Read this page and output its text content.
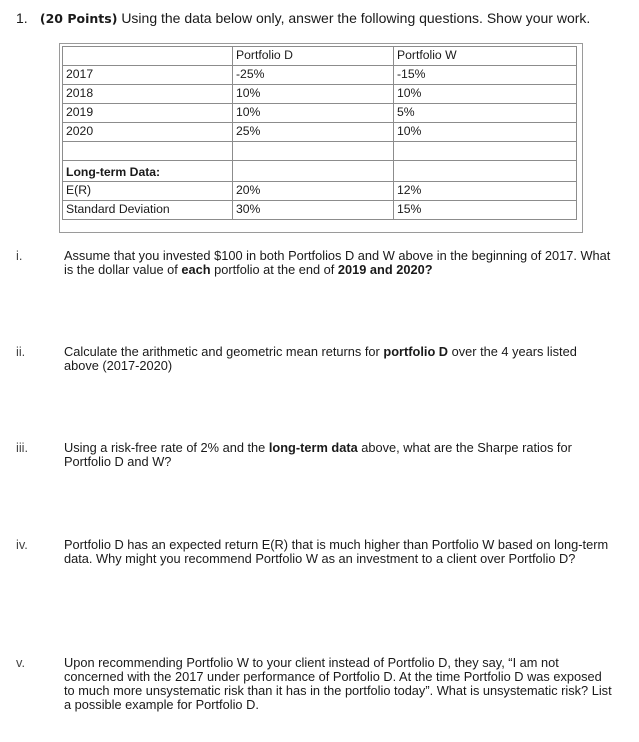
1. (20 Points) Using the data below only, answer the following questions. Show your work.
	Portfolio D	Portfolio W
2017	-25%	-15%
2018	10%	10%
2019	10%	5%
2020	25%	10%

Long-term Data:		
E(R)	20%	12%
Standard Deviation	30%	15%
i.	Assume that you invested $100 in both Portfolios D and W above in the beginning of 2017. What is the dollar value of each portfolio at the end of 2019 and 2020?
ii.	Calculate the arithmetic and geometric mean returns for portfolio D over the 4 years listed above (2017-2020)
iii.	Using a risk-free rate of 2% and the long-term data above, what are the Sharpe ratios for Portfolio D and W?
iv.	Portfolio D has an expected return E(R) that is much higher than Portfolio W based on long-term data. Why might you recommend Portfolio W as an investment to a client over Portfolio D?
v.	Upon recommending Portfolio W to your client instead of Portfolio D, they say, “I am not concerned with the 2017 under performance of Portfolio D. At the time Portfolio D was exposed to much more unsystematic risk than it has in the portfolio today”. What is unsystematic risk? List a possible example for Portfolio D.
